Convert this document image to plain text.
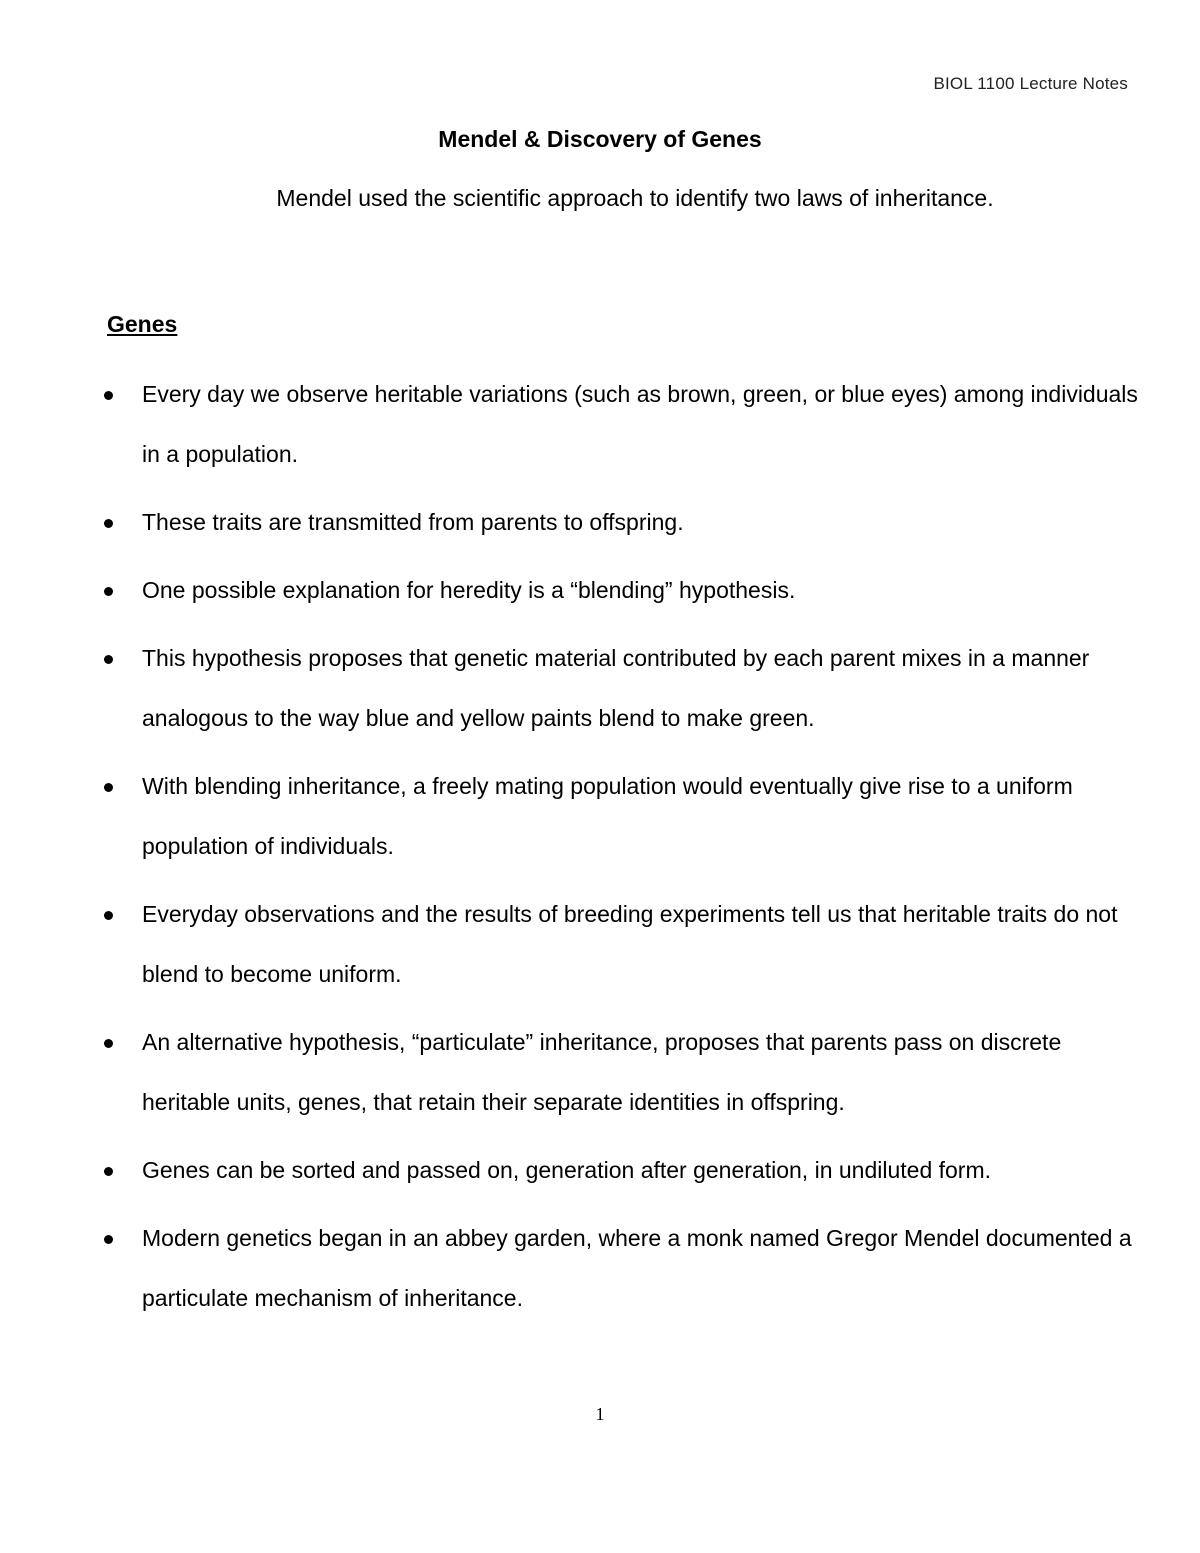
BIOL 1100 Lecture Notes
Mendel & Discovery of Genes

Mendel used the scientific approach to identify two laws of inheritance.

Genes
Every day we observe heritable variations (such as brown, green, or blue eyes) among individuals in a population.
These traits are transmitted from parents to offspring.
One possible explanation for heredity is a “blending” hypothesis.
This hypothesis proposes that genetic material contributed by each parent mixes in a manner analogous to the way blue and yellow paints blend to make green.
With blending inheritance, a freely mating population would eventually give rise to a uniform population of individuals.
Everyday observations and the results of breeding experiments tell us that heritable traits do not blend to become uniform.
An alternative hypothesis, “particulate” inheritance, proposes that parents pass on discrete heritable units, genes, that retain their separate identities in offspring.
Genes can be sorted and passed on, generation after generation, in undiluted form.
Modern genetics began in an abbey garden, where a monk named Gregor Mendel documented a particulate mechanism of inheritance.
1
